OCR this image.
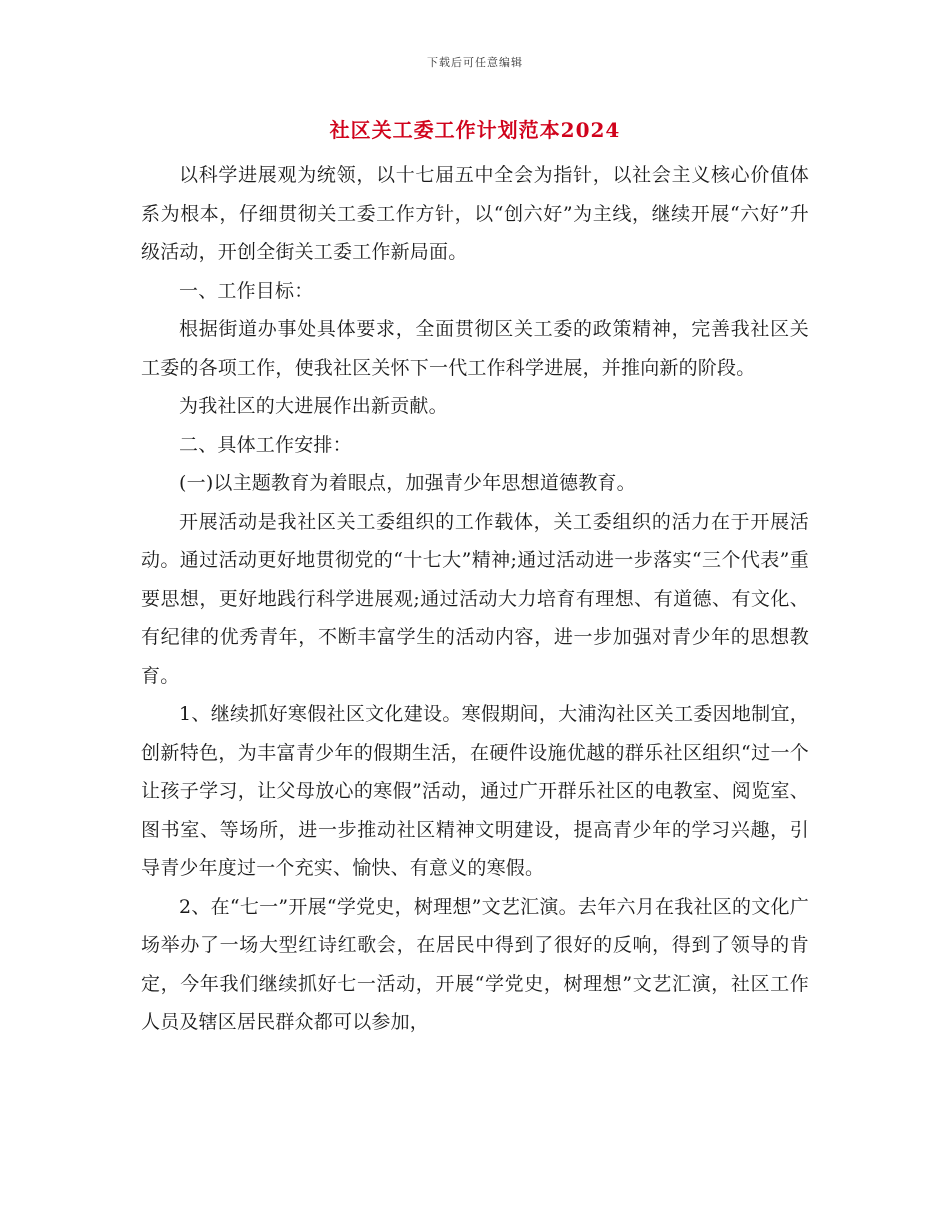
下载后可任意编辑
社区关工委工作计划范本2024

以科学进展观为统领，以十七届五中全会为指针，以社会主义核心价值体系为根本，仔细贯彻关工委工作方针，以“创六好”为主线，继续开展“六好”升级活动，开创全街关工委工作新局面。

一、工作目标：

根据街道办事处具体要求，全面贯彻区关工委的政策精神，完善我社区关工委的各项工作，使我社区关怀下一代工作科学进展，并推向新的阶段。

为我社区的大进展作出新贡献。

二、具体工作安排：

(一)以主题教育为着眼点，加强青少年思想道德教育。

开展活动是我社区关工委组织的工作载体，关工委组织的活力在于开展活动。通过活动更好地贯彻党的“十七大”精神;通过活动进一步落实“三个代表”重要思想，更好地践行科学进展观;通过活动大力培育有理想、有道德、有文化、有纪律的优秀青年，不断丰富学生的活动内容，进一步加强对青少年的思想教育。

1、继续抓好寒假社区文化建设。寒假期间，大浦沟社区关工委因地制宜，创新特色，为丰富青少年的假期生活，在硬件设施优越的群乐社区组织“过一个让孩子学习，让父母放心的寒假”活动，通过广开群乐社区的电教室、阅览室、图书室、等场所，进一步推动社区精神文明建设，提高青少年的学习兴趣，引导青少年度过一个充实、愉快、有意义的寒假。

2、在“七一”开展“学党史，树理想”文艺汇演。去年六月在我社区的文化广场举办了一场大型红诗红歌会，在居民中得到了很好的反响，得到了领导的肯定，今年我们继续抓好七一活动，开展“学党史，树理想”文艺汇演，社区工作人员及辖区居民群众都可以参加，
